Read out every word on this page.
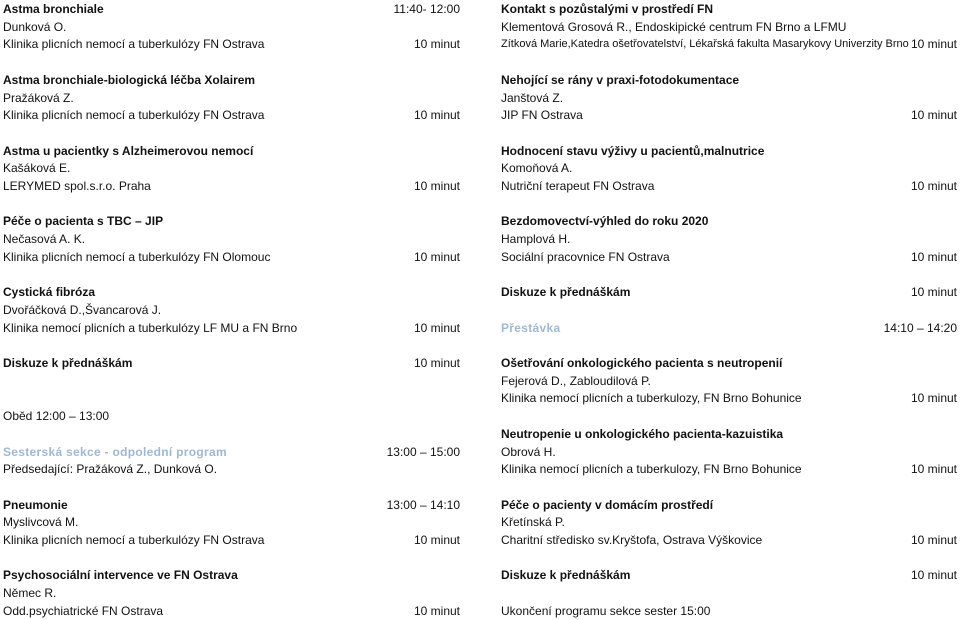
Astma bronchiale	11:40- 12:00
Dunková O.
Klinika plicních nemocí a tuberkulózy FN Ostrava	10 minut
Astma bronchiale-biologická léčba Xolairem
Pražáková Z.
Klinika plicních nemocí a tuberkulózy FN Ostrava	10 minut
Astma u pacientky s Alzheimerovou nemocí
Kašáková E.
LERYMED spol.s.r.o. Praha	10 minut
Péče o pacienta s TBC – JIP
Nečasová A. K.
Klinika plicních nemocí a tuberkulózy FN Olomouc	10 minut
Cystická fibróza
Dvořáčková D.,Švancarová J.
Klinika nemocí plicních a tuberkulózy LF MU a FN Brno	10 minut
Diskuze k přednáškám	10 minut
Oběd 12:00 – 13:00
Sesterská sekce - odpolední program	13:00 – 15:00
Předsedající: Pražáková Z., Dunková O.
Pneumonie	13:00 – 14:10
Myslivcová M.
Klinika plicních nemocí a tuberkulózy FN Ostrava	10 minut
Psychosociální intervence ve FN Ostrava
Němec R.
Odd.psychiatrické FN Ostrava	10 minut
Kontakt s pozůstalými v prostředí FN
Klementová Grosová R., Endoskipické centrum FN Brno a LFMU
Zítková Marie,Katedra ošetřovatelství, Lékařská fakulta Masarykovy Univerzity Brno 10 minut
Nehojící se rány v praxi-fotodokumentace
Janštová Z.
JIP FN Ostrava	10 minut
Hodnocení stavu výživy u pacientů,malnutrice
Komoňová A.
Nutriční terapeut FN Ostrava	10 minut
Bezdomovectví-výhled do roku 2020
Hamplová H.
Sociální pracovnice FN Ostrava	10 minut
Diskuze k přednáškám	10 minut
Přestávka	14:10 – 14:20
Ošetřování onkologického pacienta s neutropenií
Fejerová D., Zabloudilová P.
Klinika nemocí plicních a tuberkulozy, FN Brno Bohunice	10 minut
Neutropenie u onkologického pacienta-kazuistika
Obrová H.
Klinika nemocí plicních a tuberkulozy, FN Brno Bohunice	10 minut
Péče o pacienty v domácím prostředí
Křetínská P.
Charitní středisko sv.Kryštofa, Ostrava Výškovice	10 minut
Diskuze k přednáškám	10 minut
Ukončení programu sekce sester 15:00
